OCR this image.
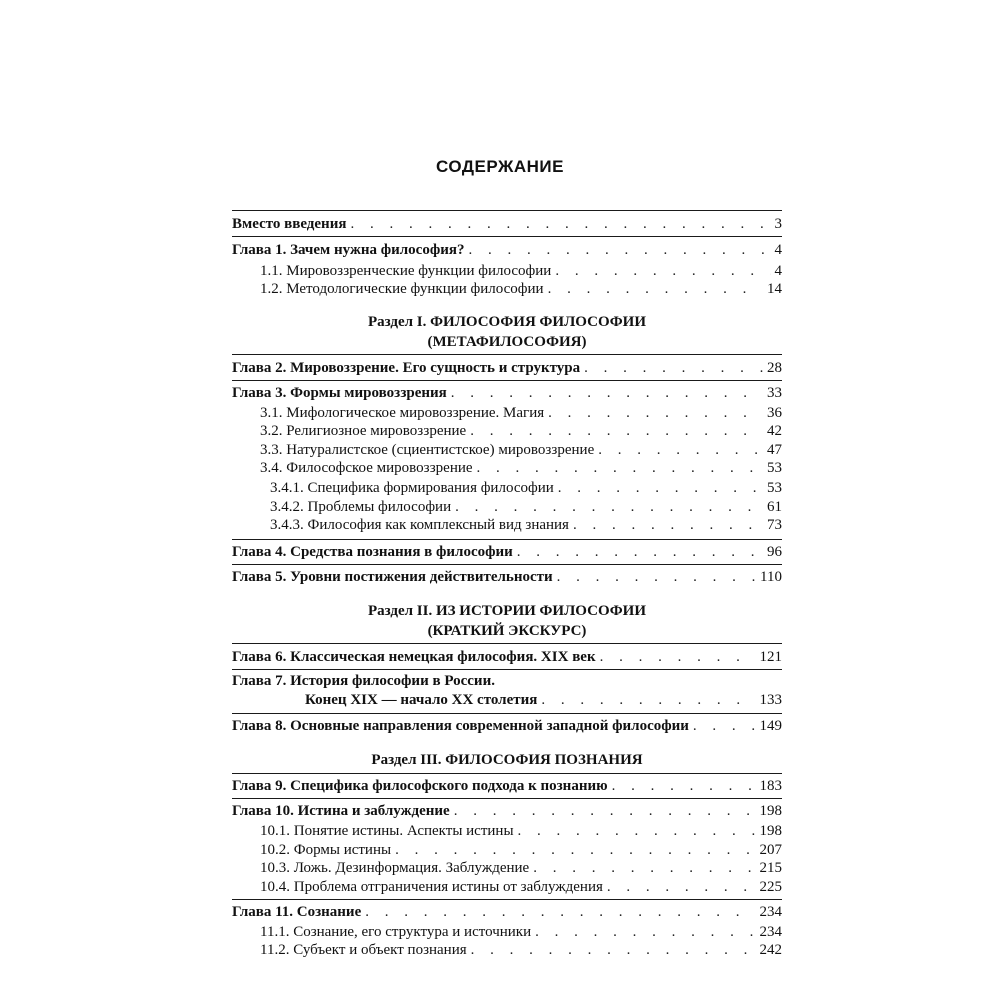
СОДЕРЖАНИЕ
Вместо введения . . .	3
Глава 1. Зачем нужна философия? . . .	4
1.1. Мировоззренческие функции философии . . .	4
1.2. Методологические функции философии . . .	14
Раздел I. ФИЛОСОФИЯ ФИЛОСОФИИ
(МЕТАФИЛОСОФИЯ)
Глава 2. Мировоззрение. Его сущность и структура . . .	28
Глава 3. Формы мировоззрения . . .	33
3.1. Мифологическое мировоззрение. Магия . . .	36
3.2. Религиозное мировоззрение . . .	42
3.3. Натуралистское (сциентистское) мировоззрение . . .	47
3.4. Философское мировоззрение . . .	53
3.4.1. Специфика формирования философии . . .	53
3.4.2. Проблемы философии . . .	61
3.4.3. Философия как комплексный вид знания . . .	73
Глава 4. Средства познания в философии . . .	96
Глава 5. Уровни постижения действительности . . .	110
Раздел II. ИЗ ИСТОРИИ ФИЛОСОФИИ
(КРАТКИЙ ЭКСКУРС)
Глава 6. Классическая немецкая философия. XIX век . . .	121
Глава 7. История философии в России.
Конец XIX — начало XX столетия . . .	133
Глава 8. Основные направления современной западной философии . . .	149
Раздел III. ФИЛОСОФИЯ ПОЗНАНИЯ
Глава 9. Специфика философского подхода к познанию . . .	183
Глава 10. Истина и заблуждение . . .	198
10.1. Понятие истины. Аспекты истины . . .	198
10.2. Формы истины . . .	207
10.3. Ложь. Дезинформация. Заблуждение . . .	215
10.4. Проблема отграничения истины от заблуждения . . .	225
Глава 11. Сознание . . .	234
11.1. Сознание, его структура и источники . . .	234
11.2. Субъект и объект познания . . .	242
